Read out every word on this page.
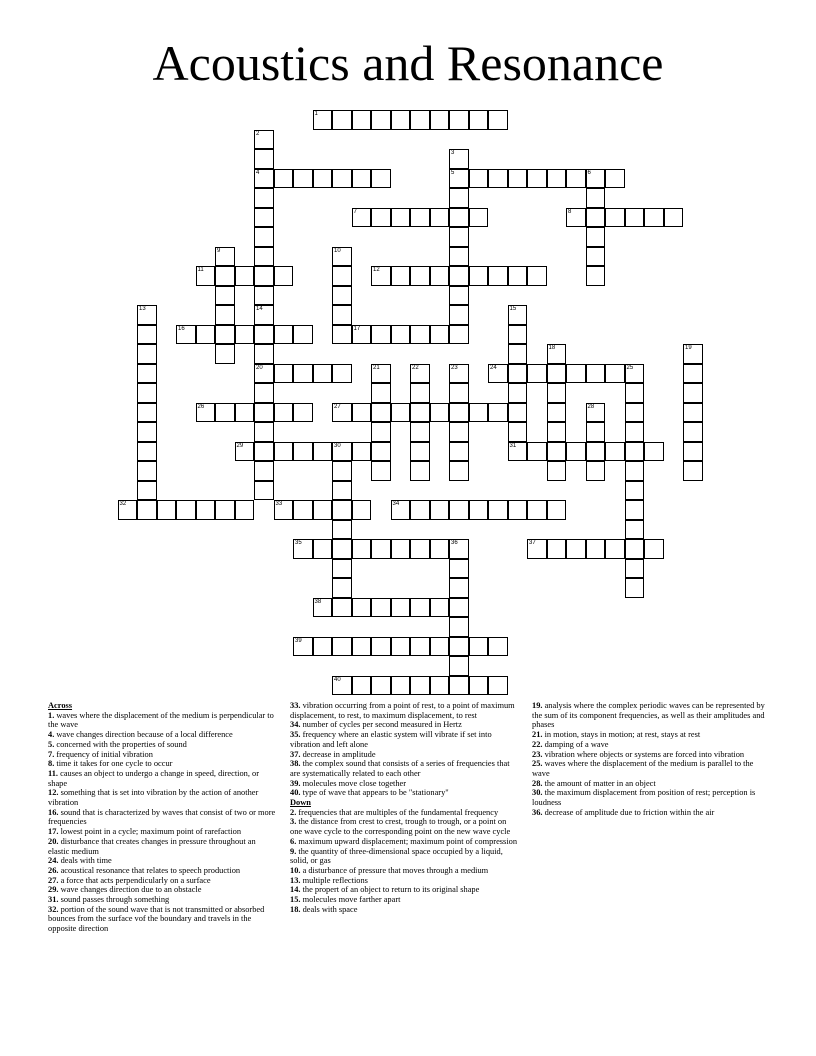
Acoustics and Resonance
1
2
4
3
5	6
7	8
9	10
11	12
13	14
20
15
31
16	17
18	19
21	22	23	24	25
26	27	28
29	30
32	33	34
35	36	37
38
39
40
Across
1. waves where the displacement of the medium is perpendicular to the wave
4. wave changes direction because of a local difference
5. concerned with the properties of sound
7. frequency of initial vibration
8. time it takes for one cycle to occur
11. causes an object to undergo a change in speed, direction, or shape
12. something that is set into vibration by the action of another vibration
16. sound that is characterized by waves that consist of two or more frequencies
17. lowest point in a cycle; maximum point of rarefaction
20. disturbance that creates changes in pressure throughout an elastic medium
24. deals with time
26. acoustical resonance that relates to speech production
27. a force that acts perpendicularly on a surface
29. wave changes direction due to an obstacle
31. sound passes through something
32. portion of the sound wave that is not transmitted or absorbed bounces from the surface vof the boundary and travels in the opposite direction
33. vibration occurring from a point of rest, to a point of maximum displacement, to rest, to maximum displacement, to rest
34. number of cycles per second measured in Hertz
35. frequency where an elastic system will vibrate if set into vibration and left alone
37. decrease in amplitude
38. the complex sound that consists of a series of frequencies that are systematically related to each other
39. molecules move close together
40. type of wave that appears to be "stationary"
Down
2. frequencies that are multiples of the fundamental frequency
3. the distance from crest to crest, trough to trough, or a point on one wave cycle to the corresponding point on the new wave cycle
6. maximum upward displacement; maximum point of compression
9. the quantity of three-dimensional space occupied by a liquid, solid, or gas
10. a disturbance of pressure that moves through a medium
13. multiple reflections
14. the propert of an object to return to its original shape
15. molecules move farther apart
18. deals with space
19. analysis where the complex periodic waves can be represented by the sum of its component frequencies, as well as their amplitudes and phases
21. in motion, stays in motion; at rest, stays at rest
22. damping of a wave
23. vibration where objects or systems are forced into vibration
25. waves where the displacement of the medium is parallel to the wave
28. the amount of matter in an object
30. the maximum displacement from position of rest; perception is loudness
36. decrease of amplitude due to friction within the air
